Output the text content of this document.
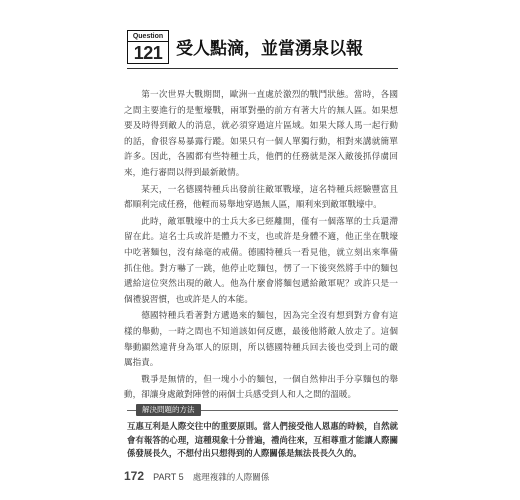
Question
121 受人點滴，並當湧泉以報

第一次世界大戰期間，歐洲一直處於激烈的戰鬥狀態。當時，各國之間主要進行的是塹壕戰，兩軍對壘的前方有著大片的無人區。如果想要及時得到敵人的消息，就必須穿過這片區域。如果大隊人馬一起行動的話，會很容易暴露行蹤。如果只有一個人單獨行動，相對來講就簡單許多。因此，各國都有些特種士兵，他們的任務就是深入敵後抓俘虜回來，進行審問以得到最新敵情。

某天，一名德國特種兵出發前往敵軍戰壕，這名特種兵經驗豐富且都順利完成任務，他輕而易舉地穿過無人區，順利來到敵軍戰壕中。

此時，敵軍戰壕中的士兵大多已經離開，僅有一個落單的士兵還滯留在此。這名士兵或許是體力不支，也或許是身體不適，他正坐在戰壕中吃著麵包，沒有絲毫的戒備。德國特種兵一看見他，就立刻出來準備抓住他。對方嚇了一跳，他停止吃麵包，愣了一下後突然將手中的麵包遞給這位突然出現的敵人。他為什麼會將麵包遞給敵軍呢？或許只是一個禮貌習慣，也或許是人的本能。

德國特種兵看著對方遞過來的麵包，因為完全沒有想到對方會有這樣的舉動，一時之間也不知道該如何反應，最後他將敵人放走了。這個舉動顯然違背身為軍人的原則，所以德國特種兵回去後也受到上司的嚴厲指責。

戰爭是無情的，但一塊小小的麵包，一個自然伸出手分享麵包的舉動，卻讓身處敵對陣營的兩個士兵感受到人和人之間的溫暖。

解決問題的方法
互惠互利是人際交往中的重要原則。當人們接受他人恩惠的時候，自然就會有報答的心理，這種現象十分普遍，禮尚往來，互相尊重才能讓人際關係發展長久，不想付出只想得到的人際關係是無法長長久久的。
172 PART 5 處理複雜的人際關係
